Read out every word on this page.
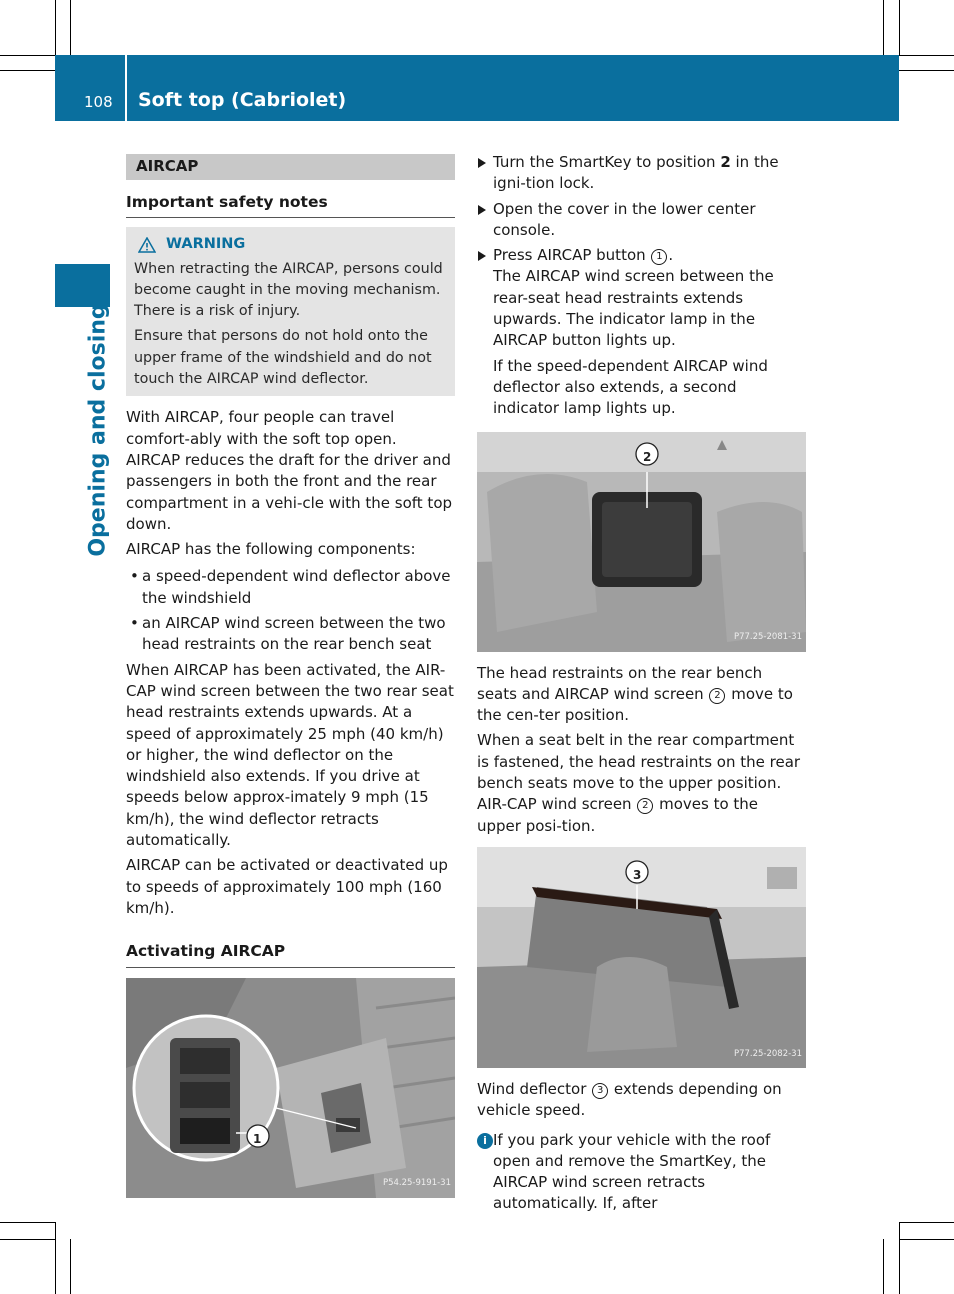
108 Soft top (Cabriolet)
Opening and closing
AIRCAP
Important safety notes
WARNING

When retracting the AIRCAP, persons could become caught in the moving mechanism. There is a risk of injury.

Ensure that persons do not hold onto the upper frame of the windshield and do not touch the AIRCAP wind deflector.

With AIRCAP, four people can travel comfort-ably with the soft top open. AIRCAP reduces the draft for the driver and passengers in both the front and the rear compartment in a vehi-cle with the soft top down.

AIRCAP has the following components:

• a speed-dependent wind deflector above the windshield
• an AIRCAP wind screen between the two head restraints on the rear bench seat

When AIRCAP has been activated, the AIR-CAP wind screen between the two rear seat head restraints extends upwards. At a speed of approximately 25 mph (40 km/h) or higher, the wind deflector on the windshield also extends. If you drive at speeds below approx-imately 9 mph (15 km/h), the wind deflector retracts automatically.

AIRCAP can be activated or deactivated up to speeds of approximately 100 mph (160 km/h).

Activating AIRCAP
1
P54.25-9191-31
Turn the SmartKey to position 2 in the igni-tion lock.
Open the cover in the lower center console.
Press AIRCAP button 1 .

The AIRCAP wind screen between the rear-seat head restraints extends upwards. The indicator lamp in the AIRCAP button lights up.

If the speed-dependent AIRCAP wind deflector also extends, a second indicator lamp lights up.

2
P77.25-2081-31

The head restraints on the rear bench seats and AIRCAP wind screen 2 move to the cen-ter position.

When a seat belt in the rear compartment is fastened, the head restraints on the rear bench seats move to the upper position. AIR-CAP wind screen 2 moves to the upper posi-tion.

3
P77.25-2082-31

Wind deflector 3 extends depending on vehicle speed.

i If you park your vehicle with the roof open and remove the SmartKey, the AIRCAP wind screen retracts automatically. If, after
